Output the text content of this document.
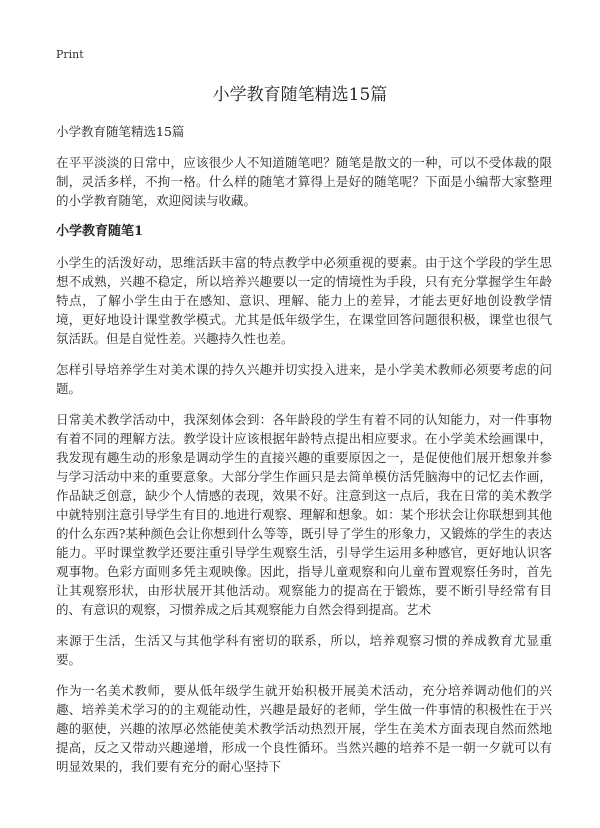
Print
小学教育随笔精选15篇

小学教育随笔精选15篇

在平平淡淡的日常中，应该很少人不知道随笔吧？随笔是散文的一种，可以不受体裁的限制，灵活多样，不拘一格。什么样的随笔才算得上是好的随笔呢？下面是小编帮大家整理的小学教育随笔，欢迎阅读与收藏。

小学教育随笔1

小学生的活泼好动，思维活跃丰富的特点教学中必须重视的要素。由于这个学段的学生思想不成熟，兴趣不稳定，所以培养兴趣要以一定的情境性为手段，只有充分掌握学生年龄特点，了解小学生由于在感知、意识、理解、能力上的差异，才能去更好地创设教学情境，更好地设计课堂教学模式。尤其是低年级学生，在课堂回答问题很积极，课堂也很气氛活跃。但是自觉性差。兴趣持久性也差。

怎样引导培养学生对美术课的持久兴趣并切实投入进来，是小学美术教师必须要考虑的问题。

日常美术教学活动中，我深刻体会到：各年龄段的学生有着不同的认知能力，对一件事物有着不同的理解方法。教学设计应该根据年龄特点提出相应要求。在小学美术绘画课中，我发现有趣生动的形象是调动学生的直接兴趣的重要原因之一，是促使他们展开想象并参与学习活动中来的重要意象。大部分学生作画只是去简单模仿活凭脑海中的记忆去作画，作品缺乏创意，缺少个人情感的表现，效果不好。注意到这一点后，我在日常的美术教学中就特别注意引导学生有目的.地进行观察、理解和想象。如：某个形状会让你联想到其他的什么东西?某种颜色会让你想到什么等等，既引导了学生的形象力，又锻炼的学生的表达能力。平时课堂教学还要注重引导学生观察生活，引导学生运用多种感官，更好地认识客观事物。色彩方面则多凭主观映像。因此，指导儿童观察和向儿童布置观察任务时，首先让其观察形状，由形状展开其他活动。观察能力的提高在于锻炼，要不断引导经常有目的、有意识的观察，习惯养成之后其观察能力自然会得到提高。艺术

来源于生活，生活又与其他学科有密切的联系，所以，培养观察习惯的养成教育尤显重要。

作为一名美术教师，要从低年级学生就开始积极开展美术活动，充分培养调动他们的兴趣、培养美术学习的的主观能动性，兴趣是最好的老师，学生做一件事情的积极性在于兴趣的驱使，兴趣的浓厚必然能使美术教学活动热烈开展，学生在美术方面表现自然而然地提高，反之又带动兴趣递增，形成一个良性循环。当然兴趣的培养不是一朝一夕就可以有明显效果的，我们要有充分的耐心坚持下
